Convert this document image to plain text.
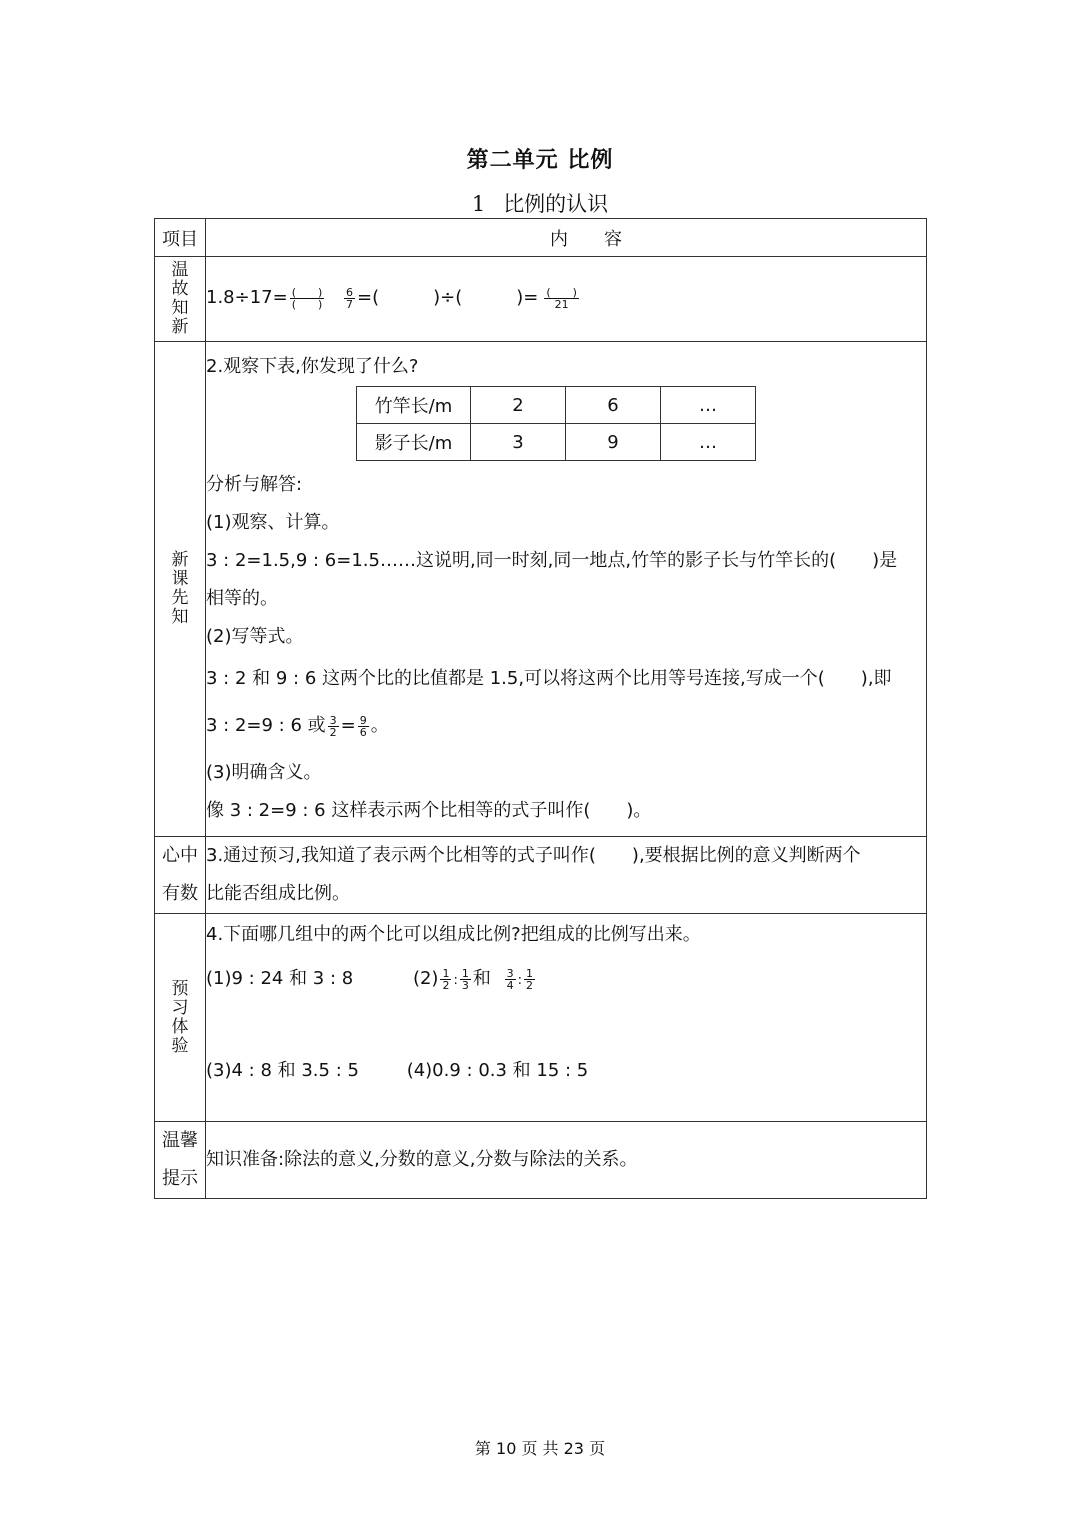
第二单元 比例
1 比例的认识
项目	内　　容
温故知新	
$1.8\div 17= \frac{( )}{( )}$
$\frac{6}{7}$ =(　　　)÷(　　　)= $\frac{( )}{21}$

新课先知	
2.观察下表,你发现了什么?
竹竿长/m	2	6	…
影子长/m	3	9	…
分析与解答:
(1)观察、计算。
3 : 2=1.5,9 : 6=1.5……这说明,同一时刻,同一地点,竹竿的影子长与竹竿长的(　　)是
相等的。
(2)写等式。
3 : 2 和 9 : 6 这两个比的比值都是 1.5,可以将这两个比用等号连接,写成一个(　　),即
3 : 2=9 : 6 或 $\frac{3}{2} = \frac{9}{6}$ 。
(3)明确含义。
像 3 : 2=9 : 6 这样表示两个比相等的式子叫作(　　)。

心中
有数

3.通过预习,我知道了表示两个比相等的式子叫作(　　),要根据比例的意义判断两个
比能否组成比例。

预习体验	
4.下面哪几组中的两个比可以组成比例?把组成的比例写出来。
(1)9 : 24 和 3 : 8	$(2) \frac{1}{2}$ : $\frac{1}{3}$ 和 $\frac{3}{4}$ : $\frac{1}{2}$
(3)4 : 8 和 3.5 : 5	(4)0.9 : 0.3 和 15 : 5

温馨
提示

知识准备:除法的意义,分数的意义,分数与除法的关系。
第 10 页 共 23 页
